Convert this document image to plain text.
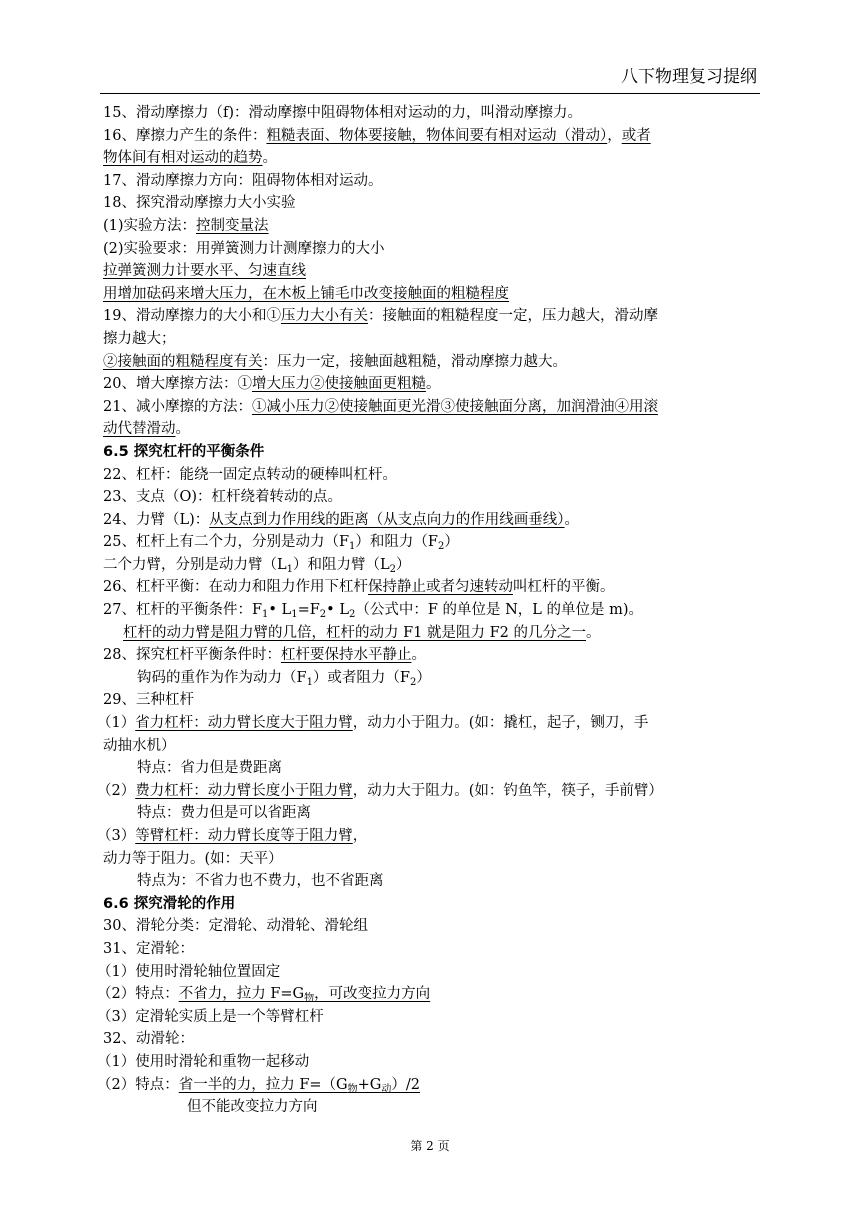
八下物理复习提纲
15、滑动摩擦力（f)：滑动摩擦中阻碍物体相对运动的力，叫滑动摩擦力。
16、摩擦力产生的条件：粗糙表面、物体要接触，物体间要有相对运动（滑动），或者
物体间有相对运动的趋势。
17、滑动摩擦力方向：阻碍物体相对运动。
18、探究滑动摩擦力大小实验
(1)实验方法：控制变量法
(2)实验要求：用弹簧测力计测摩擦力的大小
拉弹簧测力计要水平、匀速直线
用增加砝码来增大压力，在木板上铺毛巾改变接触面的粗糙程度
19、滑动摩擦力的大小和①压力大小有关：接触面的粗糙程度一定，压力越大，滑动摩
擦力越大；
②接触面的粗糙程度有关：压力一定，接触面越粗糙，滑动摩擦力越大。
20、增大摩擦方法：①增大压力②使接触面更粗糙。
21、减小摩擦的方法：①减小压力②使接触面更光滑③使接触面分离，加润滑油④用滚
动代替滑动。
6.5 探究杠杆的平衡条件
22、杠杆：能绕一固定点转动的硬棒叫杠杆。
23、支点（O)：杠杆绕着转动的点。
24、力臂（L)：从支点到力作用线的距离（从支点向力的作用线画垂线）。
25、杠杆上有二个力，分别是动力$(F_1)$和阻力$(F_2)$
二个力臂，分别是动力臂$(L_1)$和阻力臂$(L_2)$
26、杠杆平衡：在动力和阻力作用下杠杆保持静止或者匀速转动叫杠杆的平衡。
27、杠杆的平衡条件：$F_1•$ $L_1=F_2•$ $L_2$（公式中：F 的单位是 N，L 的单位是 m)。
杠杆的动力臂是阻力臂的几倍，杠杆的动力 F1 就是阻力 F2 的几分之一。
28、探究杠杆平衡条件时：杠杆要保持水平静止。
钩码的重作为作为动力$(F_1)$或者阻力$(F_2)$
29、三种杠杆
（1）省力杠杆：动力臂长度大于阻力臂，动力小于阻力。(如：撬杠，起子，铡刀，手
动抽水机）
特点：省力但是费距离
（2）费力杠杆：动力臂长度小于阻力臂，动力大于阻力。(如：钓鱼竿，筷子，手前臂）
特点：费力但是可以省距离
（3）等臂杠杆：动力臂长度等于阻力臂，
动力等于阻力。(如：天平）
特点为：不省力也不费力，也不省距离
6.6 探究滑轮的作用
30、滑轮分类：定滑轮、动滑轮、滑轮组
31、定滑轮：
（1）使用时滑轮轴位置固定
（2）特点：不省力，拉力 $F=G_物$，可改变拉力方向
（3）定滑轮实质上是一个等臂杠杆
32、动滑轮：
（1）使用时滑轮和重物一起移动
（2）特点：省一半的力，拉力 $F=(G_物+G_动)/2$
但不能改变拉力方向
第 2 页
